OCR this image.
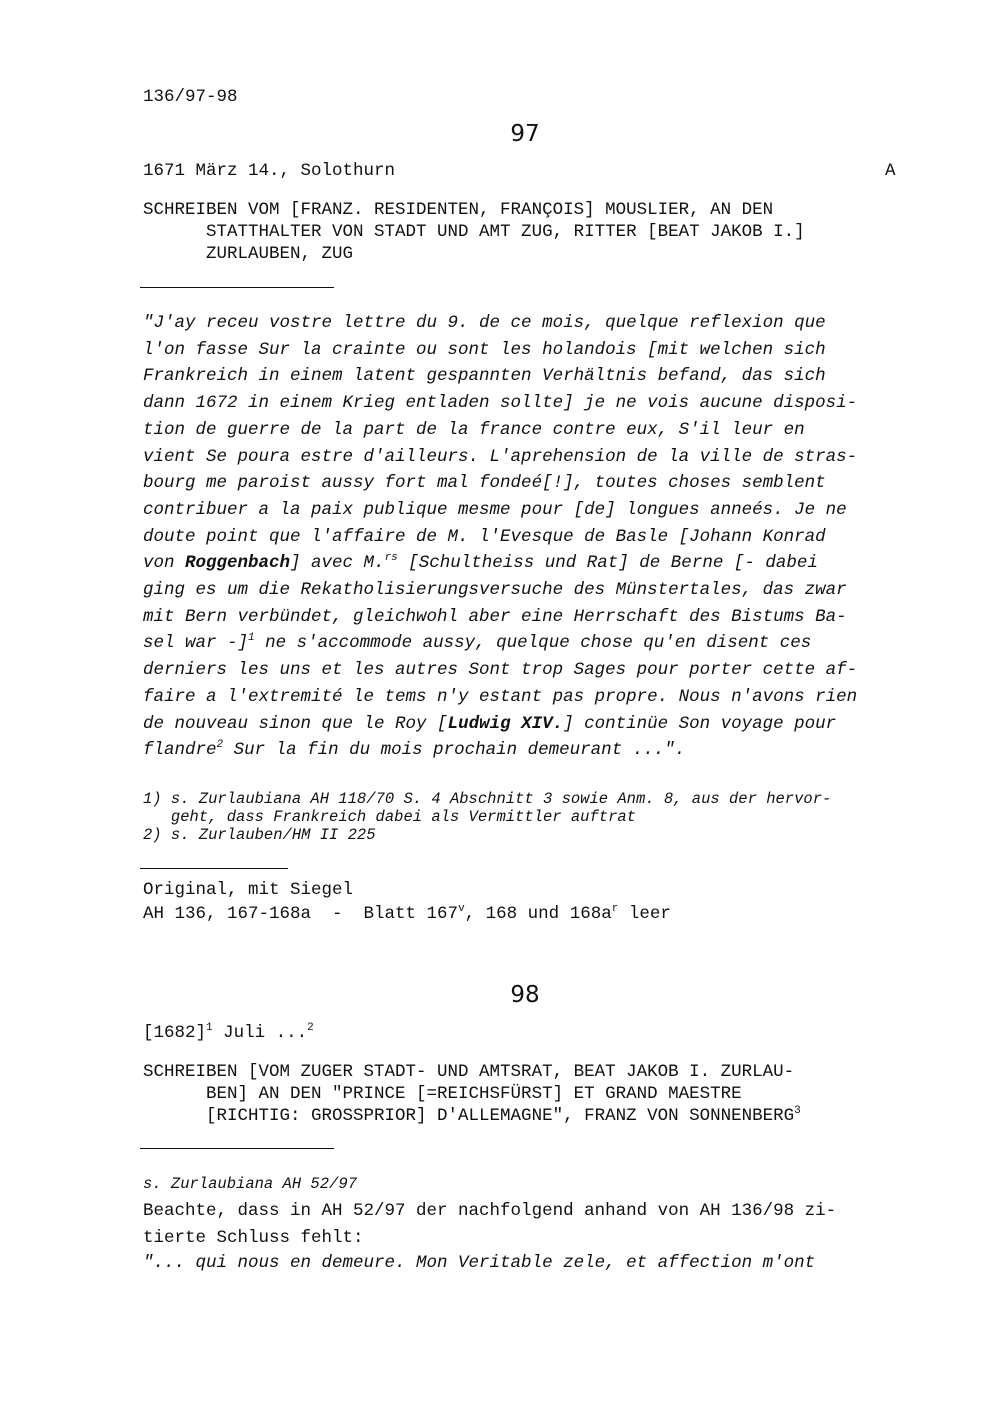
136/97-98
97
1671 März 14., Solothurn	A
SCHREIBEN VOM [FRANZ. RESIDENTEN, FRANÇOIS] MOUSLIER, AN DEN
STATTHALTER VON STADT UND AMT ZUG, RITTER [BEAT JAKOB I.]
ZURLAUBEN, ZUG
"J'ay receu vostre lettre du 9. de ce mois, quelque reflexion que
l'on fasse Sur la crainte ou sont les holandois [mit welchen sich
Frankreich in einem latent gespannten Verhältnis befand, das sich
dann 1672 in einem Krieg entladen sollte] je ne vois aucune disposi-
tion de guerre de la part de la france contre eux, S'il leur en
vient Se poura estre d'ailleurs. L'aprehension de la ville de stras-
bourg me paroist aussy fort mal fondeé[!], toutes choses semblent
contribuer a la paix publique mesme pour [de] longues anneés. Je ne
doute point que l'affaire de M. l'Evesque de Basle [Johann Konrad
von Roggenbach] avec M.$^{rs}$ [Schultheiss und Rat] de Berne [- dabei
ging es um die Rekatholisierungsversuche des Münstertales, das zwar
mit Bern verbündet, gleichwohl aber eine Herrschaft des Bistums Ba-
sel war -]$^1$ ne s'accommode aussy, quelque chose qu'en disent ces
derniers les uns et les autres Sont trop Sages pour porter cette af-
faire a l'extremité le tems n'y estant pas propre. Nous n'avons rien
de nouveau sinon que le Roy [Ludwig XIV.] continüe Son voyage pour
flandre$^2$ Sur la fin du mois prochain demeurant ...".
1) s. Zurlaubiana AH 118/70 S. 4 Abschnitt 3 sowie Anm. 8, aus der hervor-
geht, dass Frankreich dabei als Vermittler auftrat
2) s. Zurlauben/HM II 225
Original, mit Siegel
AH 136, 167-168a  -  Blatt 167$^v$, 168 und $168a^r$ leer
98
$[1682]^1$ Juli ...$^2$
SCHREIBEN [VOM ZUGER STADT- UND AMTSRAT, BEAT JAKOB I. ZURLAU-
BEN] AN DEN "PRINCE [=REICHSFÜRST] ET GRAND MAESTRE
[RICHTIG: GROSSPRIOR] D'ALLEMAGNE", FRANZ VON SONNENBERG$^3$
s. Zurlaubiana AH 52/97
Beachte, dass in AH 52/97 der nachfolgend anhand von AH 136/98 zi-
tierte Schluss fehlt:
"... qui nous en demeure. Mon Veritable zele, et affection m'ont
